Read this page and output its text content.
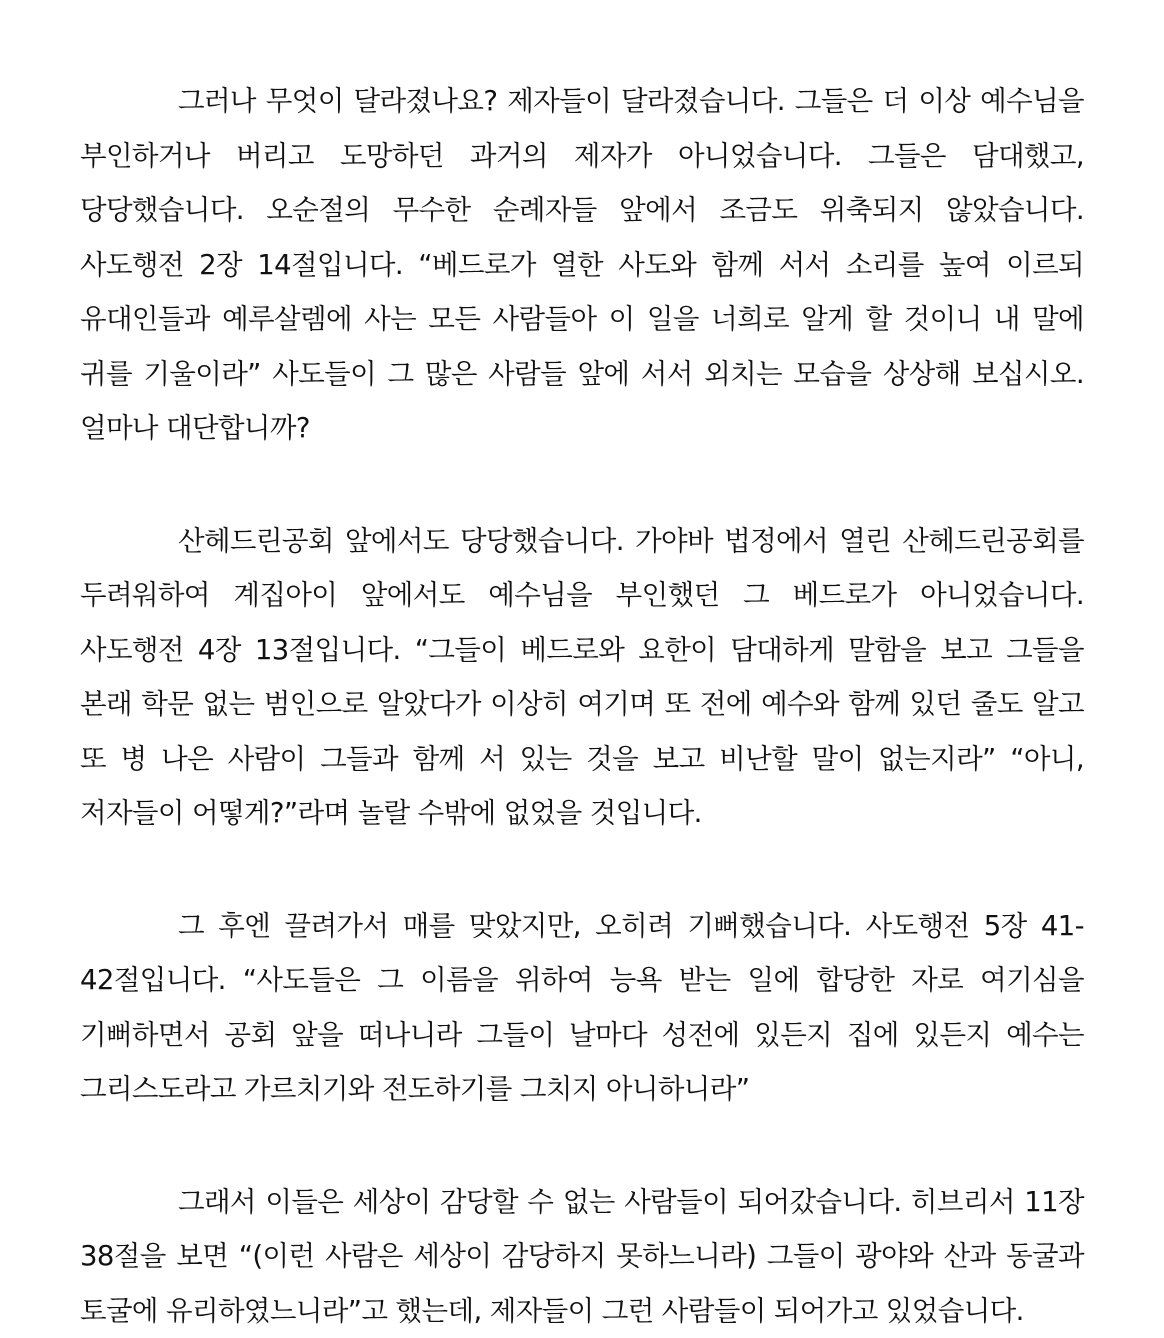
그러나 무엇이 달라졌나요? 제자들이 달라졌습니다. 그들은 더 이상 예수님을 부인하거나 버리고 도망하던 과거의 제자가 아니었습니다. 그들은 담대했고, 당당했습니다. 오순절의 무수한 순례자들 앞에서 조금도 위축되지 않았습니다. 사도행전 2장 14절입니다. “베드로가 열한 사도와 함께 서서 소리를 높여 이르되 유대인들과 예루살렘에 사는 모든 사람들아 이 일을 너희로 알게 할 것이니 내 말에 귀를 기울이라” 사도들이 그 많은 사람들 앞에 서서 외치는 모습을 상상해 보십시오. 얼마나 대단합니까?

산헤드린공회 앞에서도 당당했습니다. 가야바 법정에서 열린 산헤드린공회를 두려워하여 계집아이 앞에서도 예수님을 부인했던 그 베드로가 아니었습니다. 사도행전 4장 13절입니다. “그들이 베드로와 요한이 담대하게 말함을 보고 그들을 본래 학문 없는 범인으로 알았다가 이상히 여기며 또 전에 예수와 함께 있던 줄도 알고 또 병 나은 사람이 그들과 함께 서 있는 것을 보고 비난할 말이 없는지라” “아니, 저자들이 어떻게?”라며 놀랄 수밖에 없었을 것입니다.

그 후엔 끌려가서 매를 맞았지만, 오히려 기뻐했습니다. 사도행전 5장 41-42절입니다. “사도들은 그 이름을 위하여 능욕 받는 일에 합당한 자로 여기심을 기뻐하면서 공회 앞을 떠나니라 그들이 날마다 성전에 있든지 집에 있든지 예수는 그리스도라고 가르치기와 전도하기를 그치지 아니하니라”

그래서 이들은 세상이 감당할 수 없는 사람들이 되어갔습니다. 히브리서 11장 38절을 보면 “(이런 사람은 세상이 감당하지 못하느니라) 그들이 광야와 산과 동굴과 토굴에 유리하였느니라”고 했는데, 제자들이 그런 사람들이 되어가고 있었습니다.
